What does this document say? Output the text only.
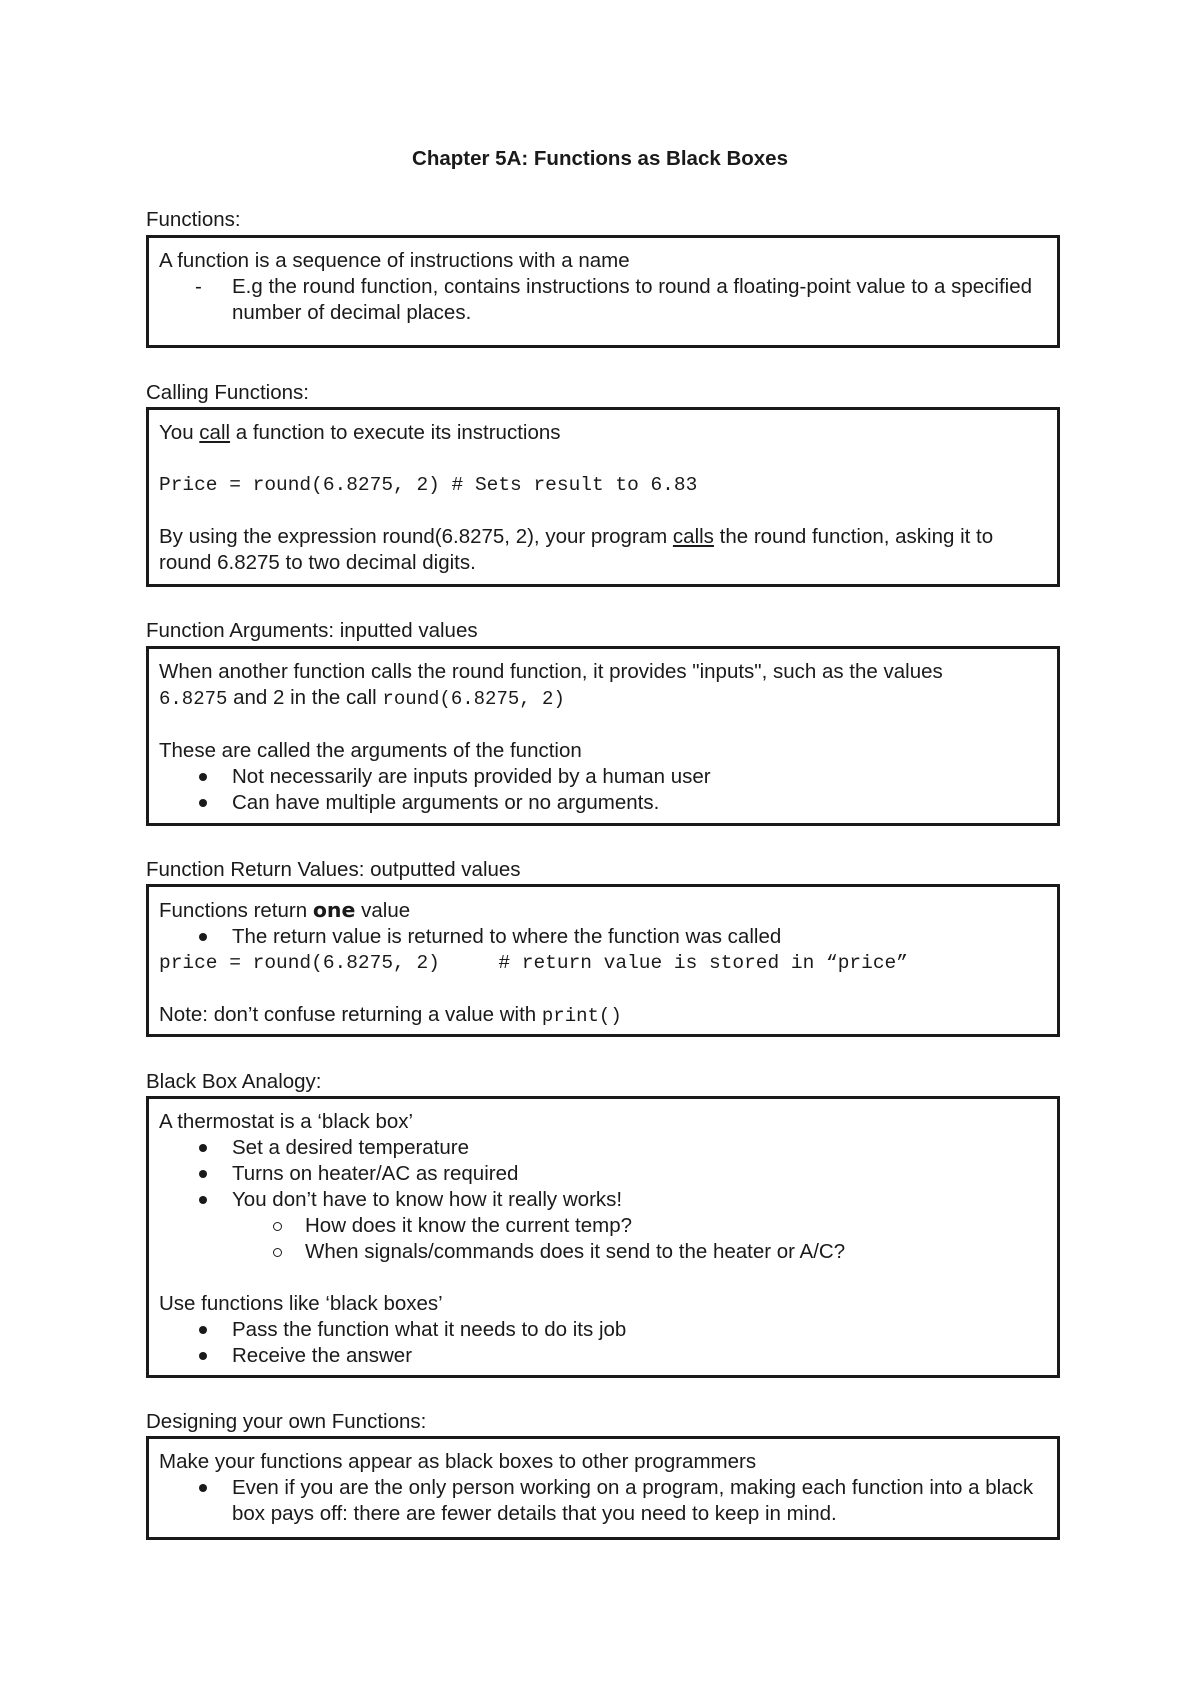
Chapter 5A: Functions as Black Boxes
Functions:
A function is a sequence of instructions with a name
-	E.g the round function, contains instructions to round a floating-point value to a specified number of decimal places.
Calling Functions:
You call a function to execute its instructions
Price = round(6.8275, 2) # Sets result to 6.83
By using the expression round(6.8275, 2), your program calls the round function, asking it to round 6.8275 to two decimal digits.
Function Arguments: inputted values
When another function calls the round function, it provides "inputs", such as the values
6.8275 and 2 in the call round(6.8275, 2)
These are called the arguments of the function
Not necessarily are inputs provided by a human user
Can have multiple arguments or no arguments.
Function Return Values: outputted values
Functions return one value
The return value is returned to where the function was called
price = round(6.8275, 2)     # return value is stored in “price”
Note: don’t confuse returning a value with print()
Black Box Analogy:
A thermostat is a ‘black box’
Set a desired temperature
Turns on heater/AC as required
You don’t have to know how it really works!
How does it know the current temp?
When signals/commands does it send to the heater or A/C?
Use functions like ‘black boxes’
Pass the function what it needs to do its job
Receive the answer
Designing your own Functions:
Make your functions appear as black boxes to other programmers
Even if you are the only person working on a program, making each function into a black box pays off: there are fewer details that you need to keep in mind.
